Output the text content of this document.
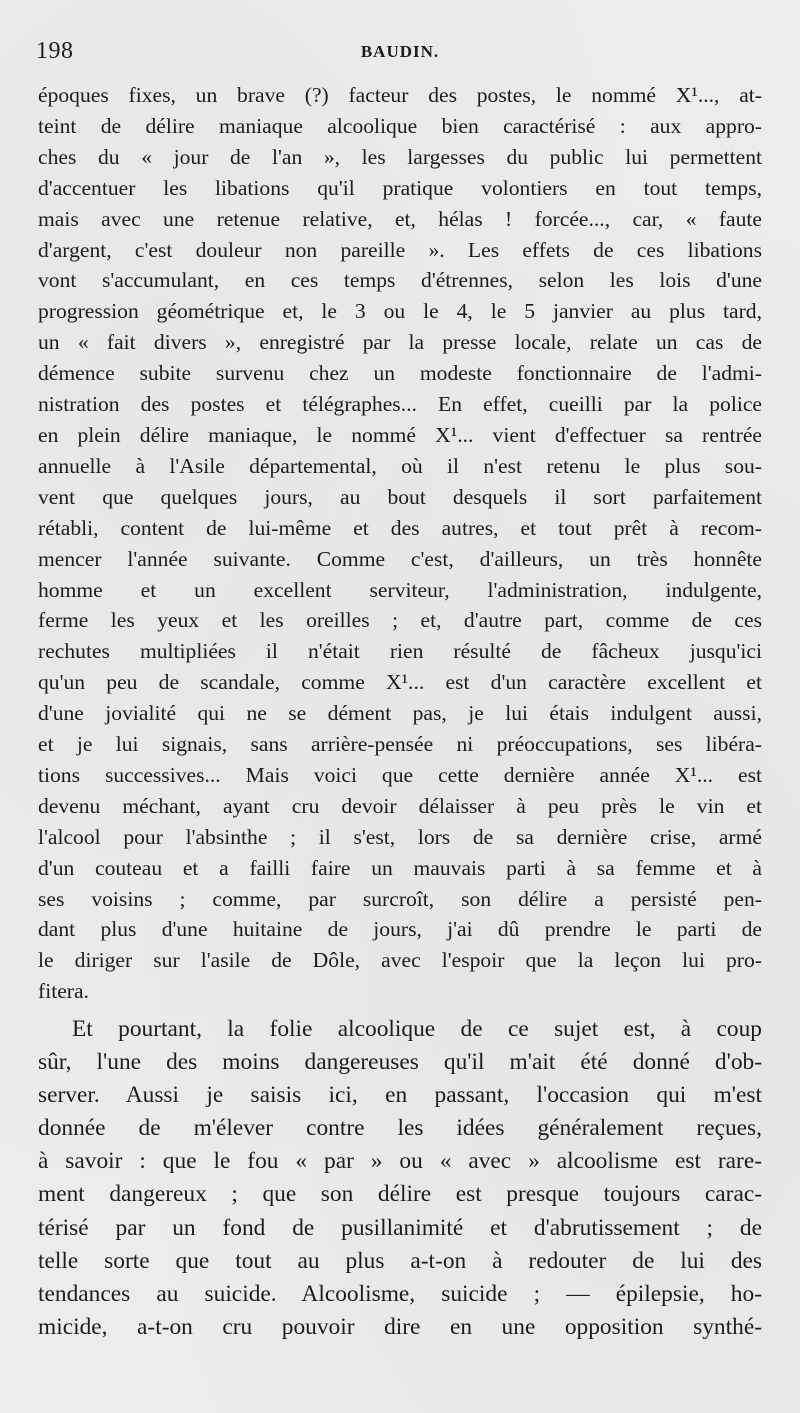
198	BAUDIN.
époques fixes, un brave (?) facteur des postes, le nommé X¹..., at-
teint de délire maniaque alcoolique bien caractérisé : aux appro-
ches du « jour de l'an », les largesses du public lui permettent
d'accentuer les libations qu'il pratique volontiers en tout temps,
mais avec une retenue relative, et, hélas ! forcée..., car, « faute
d'argent, c'est douleur non pareille ». Les effets de ces libations
vont s'accumulant, en ces temps d'étrennes, selon les lois d'une
progression géométrique et, le 3 ou le 4, le 5 janvier au plus tard,
un « fait divers », enregistré par la presse locale, relate un cas de
démence subite survenu chez un modeste fonctionnaire de l'admi-
nistration des postes et télégraphes... En effet, cueilli par la police
en plein délire maniaque, le nommé X¹... vient d'effectuer sa rentrée
annuelle à l'Asile départemental, où il n'est retenu le plus sou-
vent que quelques jours, au bout desquels il sort parfaitement
rétabli, content de lui-même et des autres, et tout prêt à recom-
mencer l'année suivante. Comme c'est, d'ailleurs, un très honnête
homme et un excellent serviteur, l'administration, indulgente,
ferme les yeux et les oreilles ; et, d'autre part, comme de ces
rechutes multipliées il n'était rien résulté de fâcheux jusqu'ici
qu'un peu de scandale, comme X¹... est d'un caractère excellent et
d'une jovialité qui ne se dément pas, je lui étais indulgent aussi,
et je lui signais, sans arrière-pensée ni préoccupations, ses libéra-
tions successives... Mais voici que cette dernière année X¹... est
devenu méchant, ayant cru devoir délaisser à peu près le vin et
l'alcool pour l'absinthe ; il s'est, lors de sa dernière crise, armé
d'un couteau et a failli faire un mauvais parti à sa femme et à
ses voisins ; comme, par surcroît, son délire a persisté pen-
dant plus d'une huitaine de jours, j'ai dû prendre le parti de
le diriger sur l'asile de Dôle, avec l'espoir que la leçon lui pro-
fitera.
Et pourtant, la folie alcoolique de ce sujet est, à coup
sûr, l'une des moins dangereuses qu'il m'ait été donné d'ob-
server. Aussi je saisis ici, en passant, l'occasion qui m'est
donnée de m'élever contre les idées généralement reçues,
à savoir : que le fou « par » ou « avec » alcoolisme est rare-
ment dangereux ; que son délire est presque toujours carac-
térisé par un fond de pusillanimité et d'abrutissement ; de
telle sorte que tout au plus a-t-on à redouter de lui des
tendances au suicide. Alcoolisme, suicide ; — épilepsie, ho-
micide, a-t-on cru pouvoir dire en une opposition synthé-
